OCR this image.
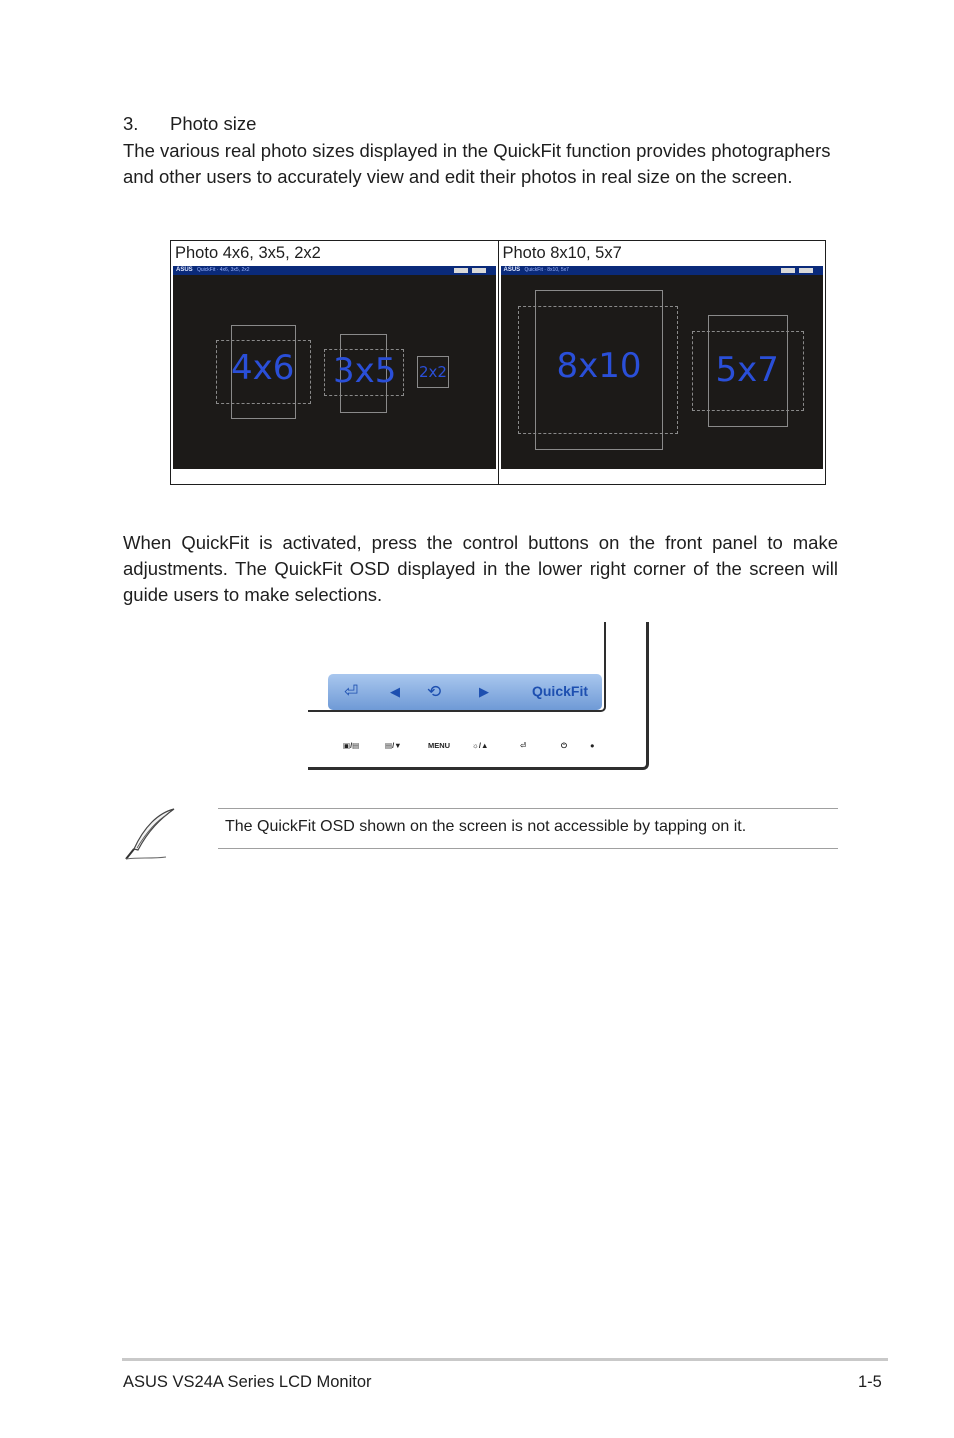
3. Photo size
The various real photo sizes displayed in the QuickFit function provides photographers and other users to accurately view and edit their photos in real size on the screen.
Photo 4x6, 3x5, 2x2
ASUS QuickFit · 4x6, 3x5, 2x2
4x6 3x5 2x2

Photo 8x10, 5x7
ASUS QuickFit · 8x10, 5x7
8x10 5x7
When QuickFit is activated, press the control buttons on the front panel to make adjustments. The QuickFit OSD displayed in the lower right corner of the screen will guide users to make selections.
⏎ ◀ ⟲	▶	QuickFit
▣/▤	▤/▼	MENU	☼/▲	⏎	⏻	●
The QuickFit OSD shown on the screen is not accessible by tapping on it.
ASUS VS24A Series LCD Monitor	1-5
